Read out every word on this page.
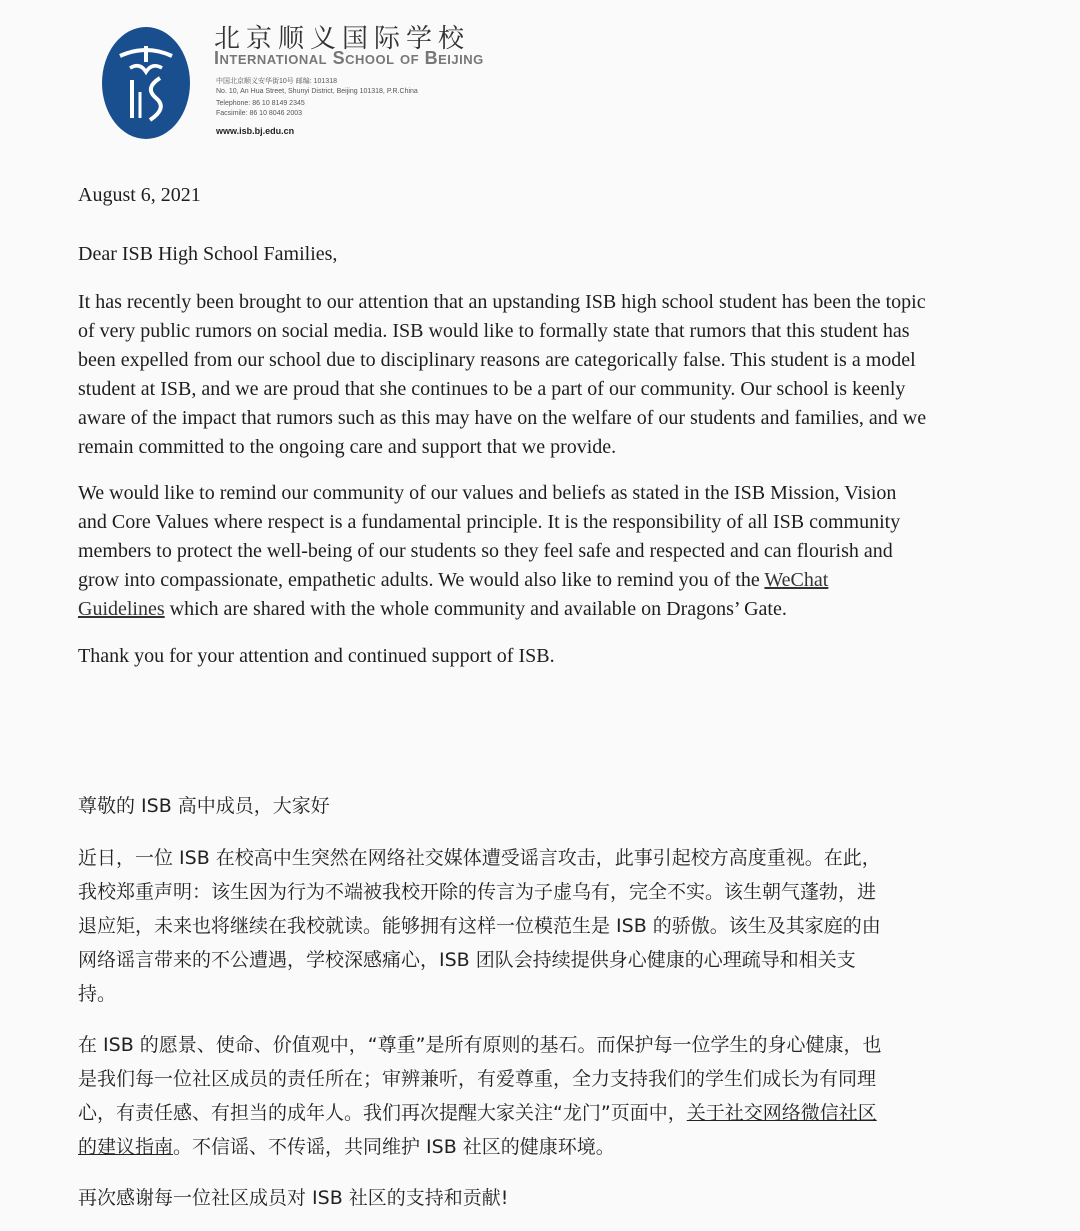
北京顺义国际学校
International School of Beijing
中国北京顺义安华街10号 邮编: 101318
No. 10, An Hua Street, Shunyi District, Beijing 101318, P.R.China
Telephone: 86 10 8149 2345
Facsimile: 86 10 8046 2003
www.isb.bj.edu.cn
August 6, 2021
Dear ISB High School Families,
It has recently been brought to our attention that an upstanding ISB high school student has been the topic
of very public rumors on social media. ISB would like to formally state that rumors that this student has
been expelled from our school due to disciplinary reasons are categorically false. This student is a model
student at ISB, and we are proud that she continues to be a part of our community. Our school is keenly
aware of the impact that rumors such as this may have on the welfare of our students and families, and we
remain committed to the ongoing care and support that we provide.
We would like to remind our community of our values and beliefs as stated in the ISB Mission, Vision
and Core Values where respect is a fundamental principle. It is the responsibility of all ISB community
members to protect the well-being of our students so they feel safe and respected and can flourish and
grow into compassionate, empathetic adults. We would also like to remind you of the WeChat
Guidelines which are shared with the whole community and available on Dragons’ Gate.
Thank you for your attention and continued support of ISB.
尊敬的 ISB 高中成员，大家好
近日，一位 ISB 在校高中生突然在网络社交媒体遭受谣言攻击，此事引起校方高度重视。在此，
我校郑重声明：该生因为行为不端被我校开除的传言为子虚乌有，完全不实。该生朝气蓬勃，进
退应矩，未来也将继续在我校就读。能够拥有这样一位模范生是 ISB 的骄傲。该生及其家庭的由
网络谣言带来的不公遭遇，学校深感痛心，ISB 团队会持续提供身心健康的心理疏导和相关支
持。
在 ISB 的愿景、使命、价值观中，“尊重”是所有原则的基石。而保护每一位学生的身心健康，也
是我们每一位社区成员的责任所在；审辨兼听，有爱尊重，全力支持我们的学生们成长为有同理
心，有责任感、有担当的成年人。我们再次提醒大家关注“龙门”页面中，关于社交网络微信社区
的建议指南。不信谣、不传谣，共同维护 ISB 社区的健康环境。
再次感谢每一位社区成员对 ISB 社区的支持和贡献!
